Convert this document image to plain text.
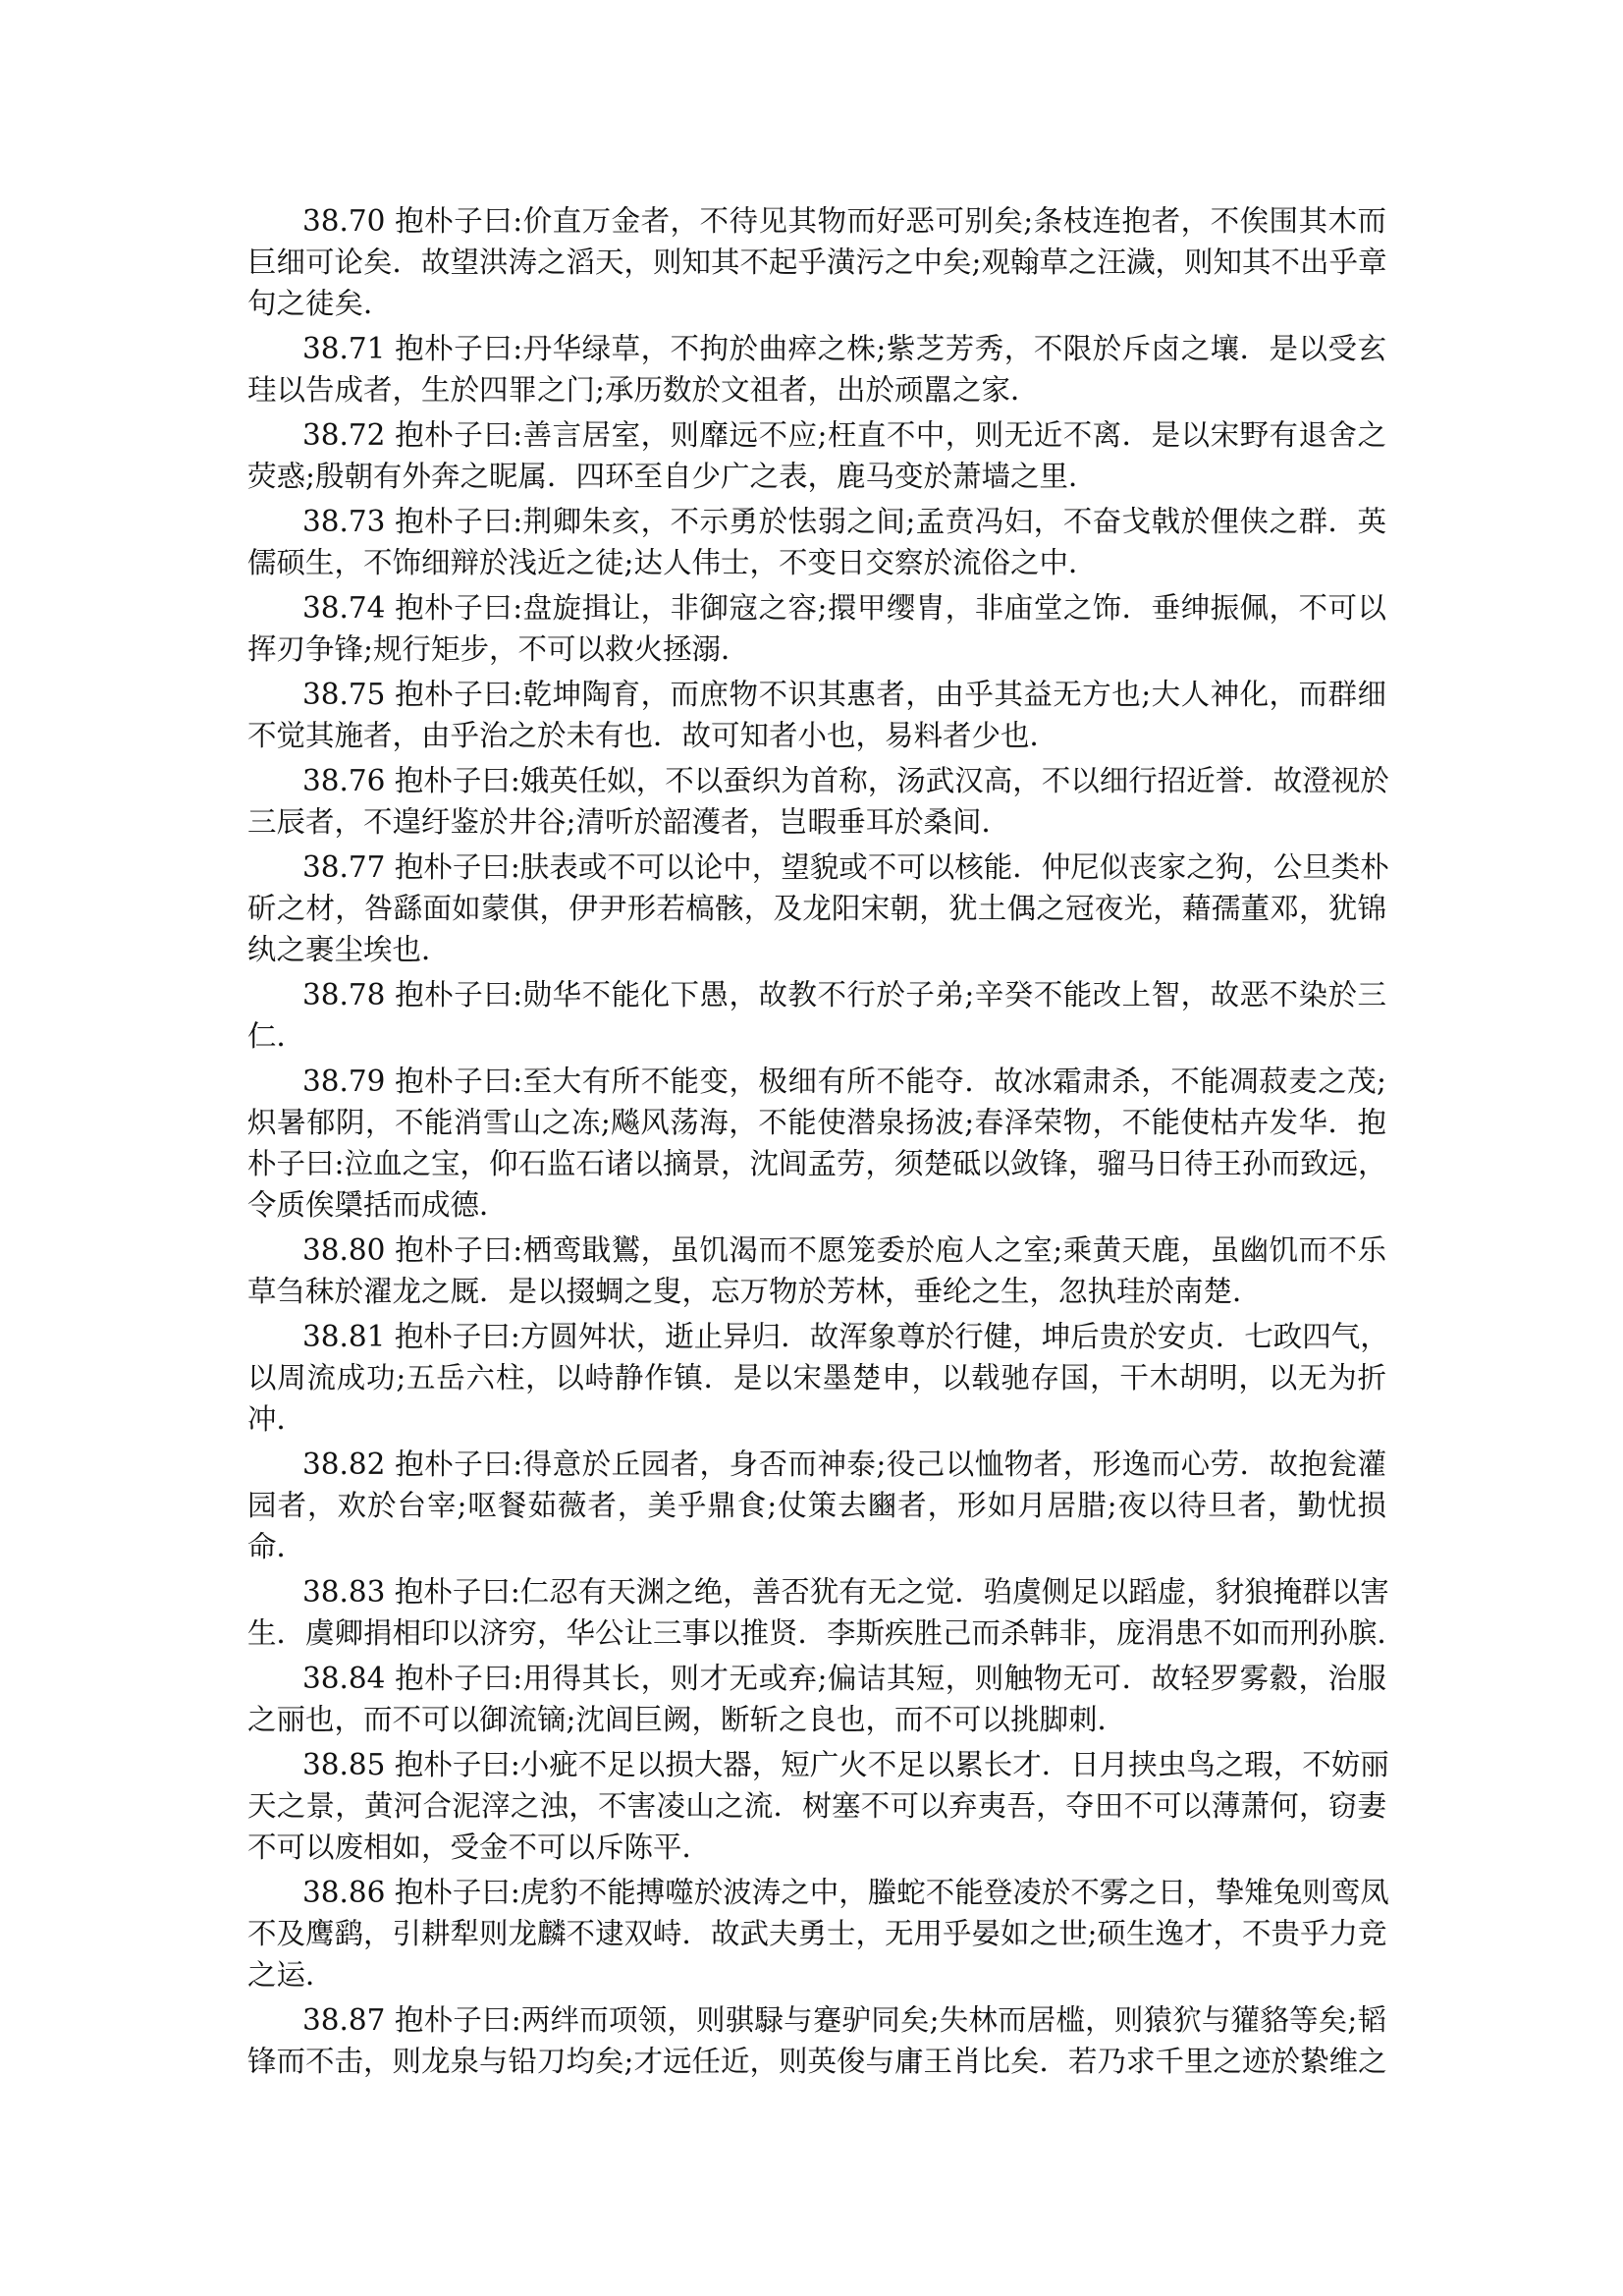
38.70 抱朴子曰:价直万金者，不待见其物而好恶可别矣;条枝连抱者，不俟围其木而
巨细可论矣．故望洪涛之滔天，则知其不起乎潢污之中矣;观翰草之汪濊，则知其不出乎章
句之徒矣．
38.71 抱朴子曰:丹华绿草，不拘於曲瘁之株;紫芝芳秀，不限於斥卤之壤．是以受玄
珪以告成者，生於四罪之门;承历数於文祖者，出於顽嚚之家．
38.72 抱朴子曰:善言居室，则靡远不应;枉直不中，则无近不离．是以宋野有退舍之
荧惑;殷朝有外奔之昵属．四环至自少广之表，鹿马变於萧墙之里．
38.73 抱朴子曰:荆卿朱亥，不示勇於怯弱之间;孟贲冯妇，不奋戈戟於俚侠之群．英
儒硕生，不饰细辩於浅近之徒;达人伟士，不变日交察於流俗之中．
38.74 抱朴子曰:盘旋揖让，非御寇之容;擐甲缨胄，非庙堂之饰．垂绅振佩，不可以
挥刃争锋;规行矩步，不可以救火拯溺．
38.75 抱朴子曰:乾坤陶育，而庶物不识其惠者，由乎其益无方也;大人神化，而群细
不觉其施者，由乎治之於未有也．故可知者小也，易料者少也．
38.76 抱朴子曰:娥英任姒，不以蚕织为首称，汤武汉高，不以细行招近誉．故澄视於
三辰者，不遑纡鉴於井谷;清听於韶濩者，岂暇垂耳於桑间．
38.77 抱朴子曰:肤表或不可以论中，望貌或不可以核能．仲尼似丧家之狗，公旦类朴
斫之材，咎繇面如蒙倛，伊尹形若槁骸，及龙阳宋朝，犹土偶之冠夜光，藉孺董邓，犹锦
纨之裹尘埃也．
38.78 抱朴子曰:勋华不能化下愚，故教不行於子弟;辛癸不能改上智，故恶不染於三
仁．
38.79 抱朴子曰:至大有所不能变，极细有所不能夺．故冰霜肃杀，不能凋菽麦之茂;
炽暑郁阴，不能消雪山之冻;飚风荡海，不能使潜泉扬波;春泽荣物，不能使枯卉发华．抱
朴子曰:泣血之宝，仰石监石诸以摘景，沈闾孟劳，须楚砥以敛锋，骝马日待王孙而致远，
令质俟檃括而成德．
38.80 抱朴子曰:栖鸾戢鸑，虽饥渴而不愿笼委於庖人之室;乘黄天鹿，虽幽饥而不乐
草刍秣於濯龙之厩．是以掇蜩之叟，忘万物於芳林，垂纶之生，忽执珪於南楚．
38.81 抱朴子曰:方圆舛状，逝止异归．故浑象尊於行健，坤后贵於安贞．七政四气，
以周流成功;五岳六柱，以峙静作镇．是以宋墨楚申，以载驰存国，干木胡明，以无为折
冲．
38.82 抱朴子曰:得意於丘园者，身否而神泰;役己以恤物者，形逸而心劳．故抱瓮灌
园者，欢於台宰;呕餐茹薇者，美乎鼎食;仗策去豳者，形如月居腊;夜以待旦者，勤忧损
命．
38.83 抱朴子曰:仁忍有天渊之绝，善否犹有无之觉．驺虞侧足以蹈虚，豺狼掩群以害
生．虞卿捐相印以济穷，华公让三事以推贤．李斯疾胜己而杀韩非，庞涓患不如而刑孙膑．
38.84 抱朴子曰:用得其长，则才无或弃;偏诘其短，则触物无可．故轻罗雾縠，治服
之丽也，而不可以御流镝;沈闾巨阙，断斩之良也，而不可以挑脚刺．
38.85 抱朴子曰:小疵不足以损大器，短广火不足以累长才．日月挟虫鸟之瑕，不妨丽
天之景，黄河合泥滓之浊，不害凌山之流．树塞不可以弃夷吾，夺田不可以薄萧何，窃妻
不可以废相如，受金不可以斥陈平．
38.86 抱朴子曰:虎豹不能搏噬於波涛之中，螣蛇不能登凌於不雾之日，挚雉兔则鸾凤
不及鹰鹞，引耕犁则龙麟不逮双峙．故武夫勇士，无用乎晏如之世;硕生逸才，不贵乎力竞
之运．
38.87 抱朴子曰:两绊而项领，则骐騄与蹇驴同矣;失林而居槛，则猿狖与獾貉等矣;韬
锋而不击，则龙泉与铅刀均矣;才远任近，则英俊与庸王肖比矣．若乃求千里之迹於絷维之
